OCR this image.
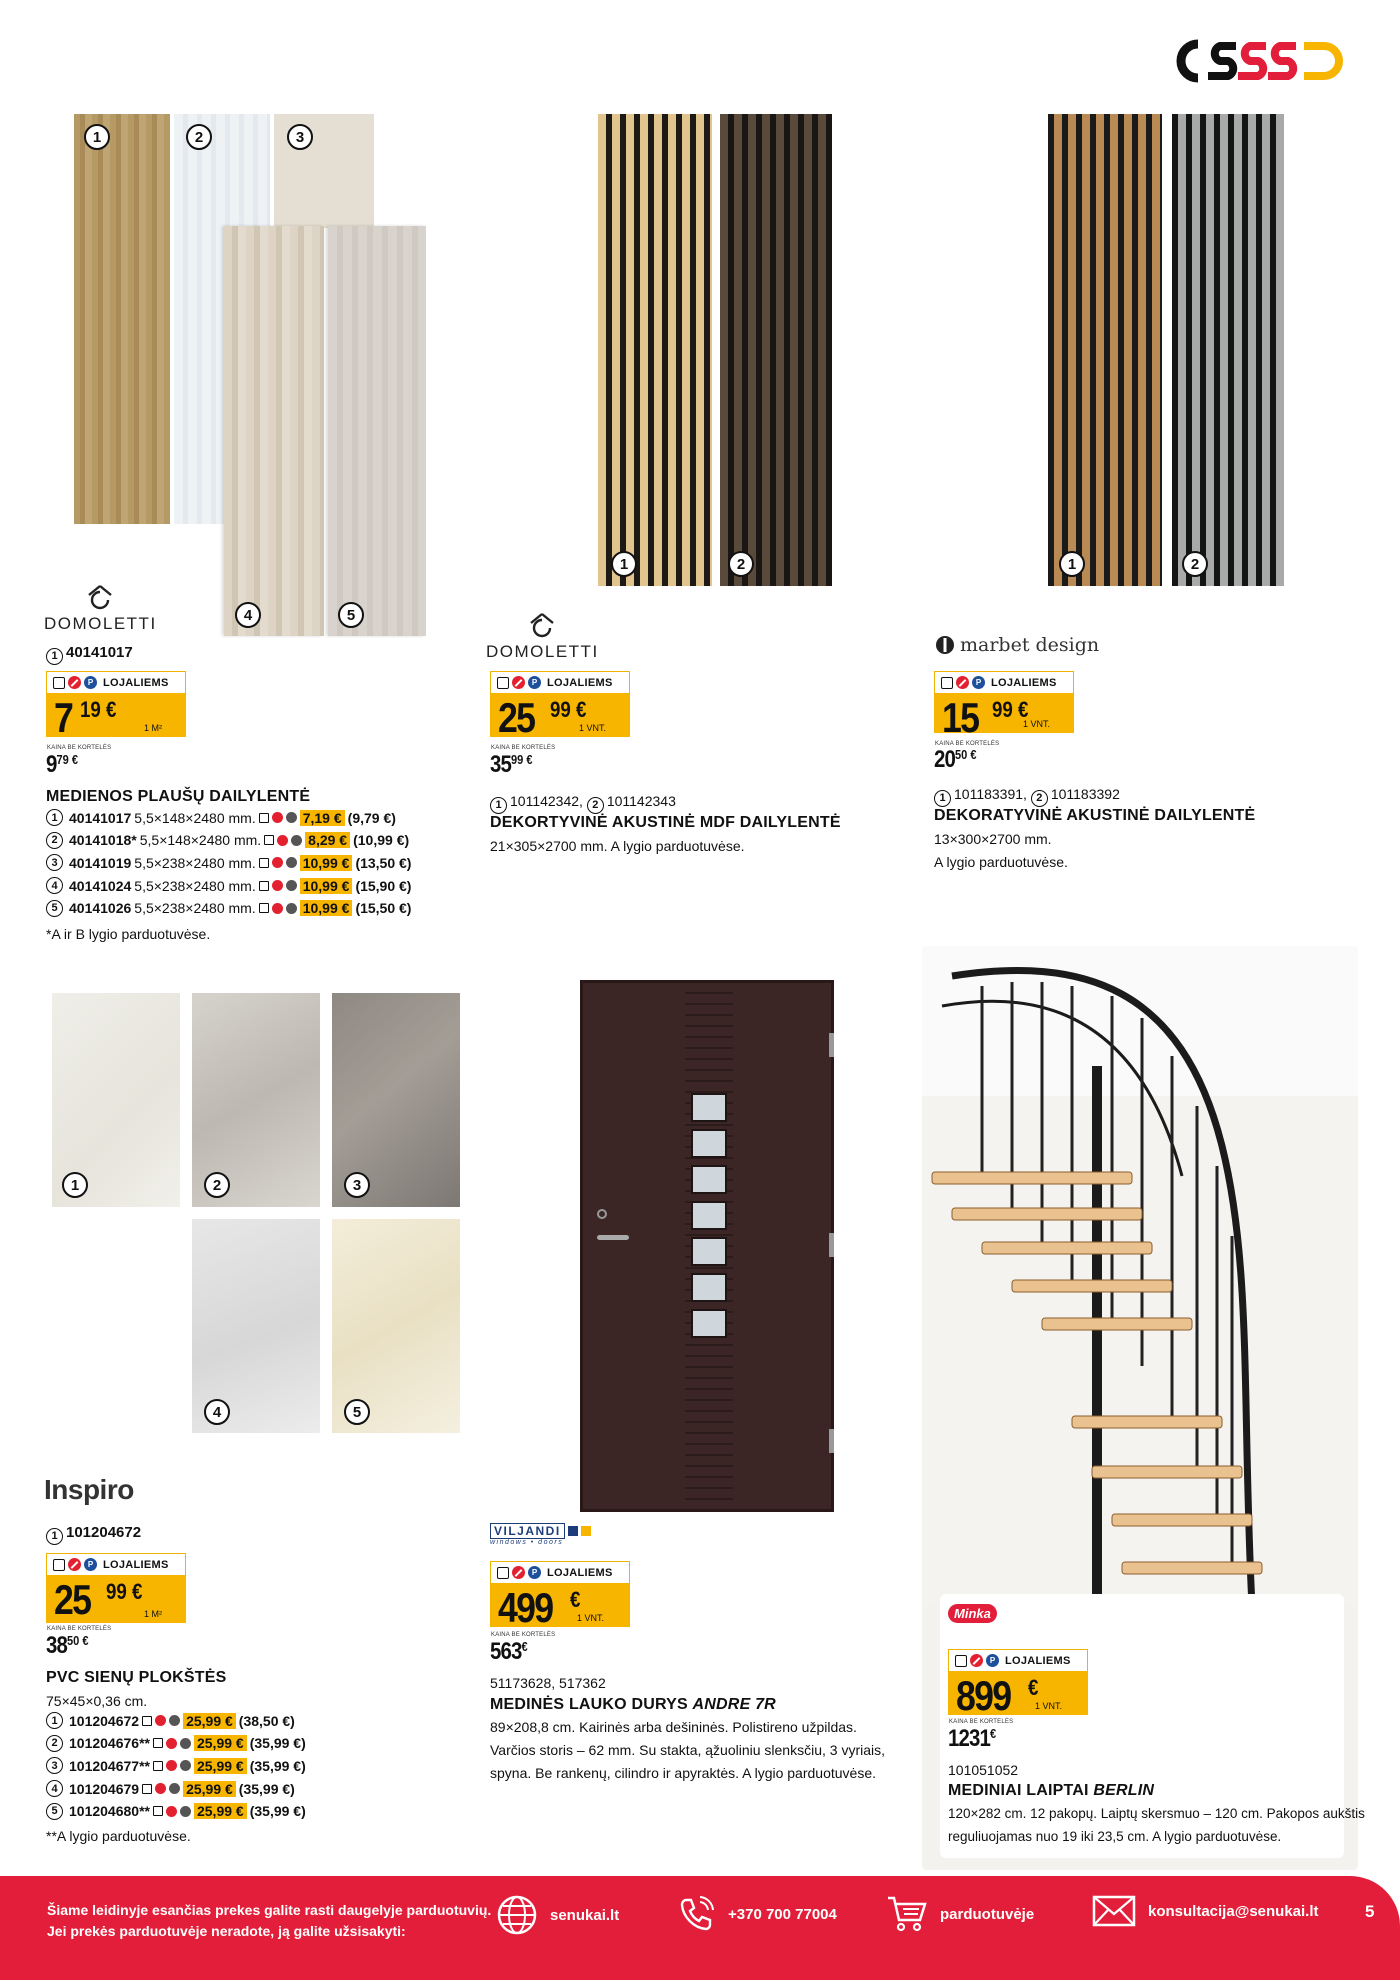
1	2	3
4	5
DOMOLETTI
1 40141017
P LOJALIEMS
7 19 €
1 M²
KAINA BE KORTELĖS
$9^{79 €}$
MEDIENOS PLAUŠŲ DAILYLENTĖ
1 40141017 5,5×148×2480 mm.	7,19 € (9,79 €)
2 40141018* 5,5×148×2480 mm.	8,29 € (10,99 €)
3 40141019 5,5×238×2480 mm.	10,99 € (13,50 €)
4 40141024 5,5×238×2480 mm.	10,99 € (15,90 €)
5 40141026 5,5×238×2480 mm.	10,99 € (15,50 €)
*A ir B lygio parduotuvėse.
1	2
DOMOLETTI
P LOJALIEMS
25 99 €
1 VNT.
KAINA BE KORTELĖS
$35^{99 €}$
1 101142342, 2 101142343
DEKORTYVINĖ AKUSTINĖ MDF DAILYLENTĖ
21×305×2700 mm. A lygio parduotuvėse.
1	2
marbet design
P LOJALIEMS
15 99 €
1 VNT.
KAINA BE KORTELĖS
$20^{50 €}$
1 101183391, 2 101183392
DEKORATYVINĖ AKUSTINĖ DAILYLENTĖ
13×300×2700 mm.
A lygio parduotuvėse.
1	2	3
4	5
Inspiro
1 101204672
P LOJALIEMS
25 99 €
1 M²
KAINA BE KORTELĖS
$38^{50 €}$
PVC SIENŲ PLOKŠTĖS
75×45×0,36 cm.
1 101204672	25,99 € (38,50 €)
2 101204676**	25,99 € (35,99 €)
3 101204677**	25,99 € (35,99 €)
4 101204679	25,99 € (35,99 €)
5 101204680**	25,99 € (35,99 €)
**A lygio parduotuvėse.
VILJANDI
windows • doors
P LOJALIEMS
499 €
1 VNT.
KAINA BE KORTELĖS
563€
51173628, 517362
MEDINĖS LAUKO DURYS ANDRE 7R
89×208,8 cm. Kairinės arba dešininės. Polistireno užpildas.
Varčios storis – 62 mm. Su stakta, ąžuoliniu slenksčiu, 3 vyriais,
spyna. Be rankenų, cilindro ir apyraktės. A lygio parduotuvėse.
Minka
P LOJALIEMS
899 €
1 VNT.
KAINA BE KORTELĖS
1231€
101051052
MEDINIAI LAIPTAI BERLIN
120×282 cm. 12 pakopų. Laiptų skersmuo – 120 cm. Pakopos aukštis
reguliuojamas nuo 19 iki 23,5 cm. A lygio parduotuvėse.
Šiame leidinyje esančias prekes galite rasti daugelyje parduotuvių.
Jei prekės parduotuvėje neradote, ją galite užsisakyti:
senukai.lt	+370 700 77004	parduotuvėje	konsultacija@senukai.lt	5
